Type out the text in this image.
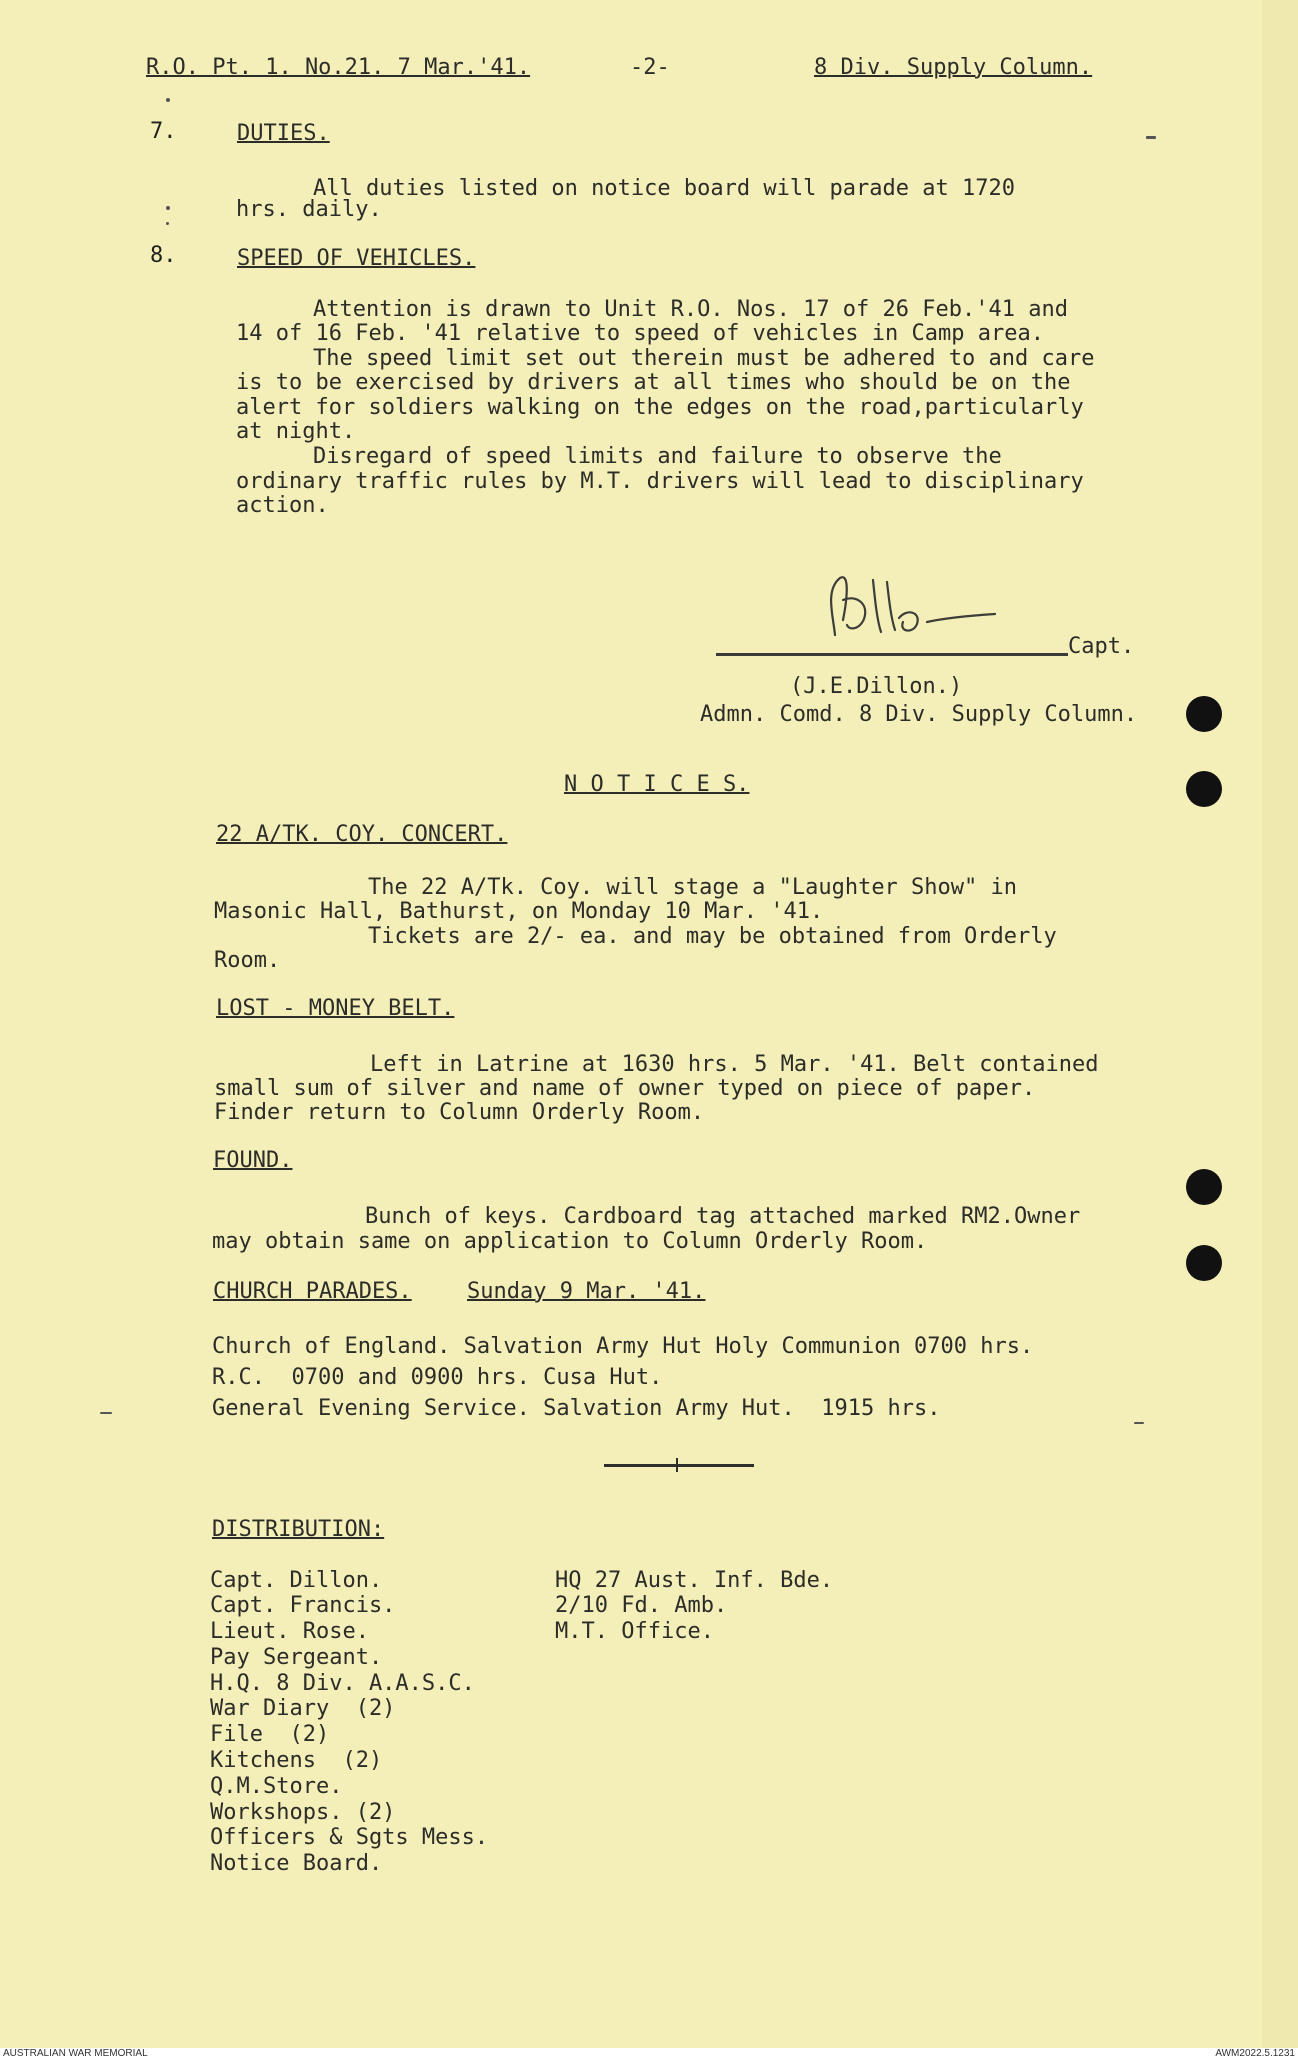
R.O. Pt. 1. No.21. 7 Mar.'41.	-2-	8 Div. Supply Column.
7.	DUTIES.
All duties listed on notice board will parade at 1720
hrs. daily.
8.	SPEED OF VEHICLES.
Attention is drawn to Unit R.O. Nos. 17 of 26 Feb.'41 and
14 of 16 Feb. '41 relative to speed of vehicles in Camp area.
The speed limit set out therein must be adhered to and care
is to be exercised by drivers at all times who should be on the
alert for soldiers walking on the edges on the road,particularly
at night.
Disregard of speed limits and failure to observe the
ordinary traffic rules by M.T. drivers will lead to disciplinary
action.
Capt.
(J.E.Dillon.)
Admn. Comd. 8 Div. Supply Column.
N O T I C E S.
22 A/TK. COY. CONCERT.
The 22 A/Tk. Coy. will stage a "Laughter Show" in
Masonic Hall, Bathurst, on Monday 10 Mar. '41.
Tickets are 2/- ea. and may be obtained from Orderly
Room.
LOST - MONEY BELT.
Left in Latrine at 1630 hrs. 5 Mar. '41. Belt contained
small sum of silver and name of owner typed on piece of paper.
Finder return to Column Orderly Room.
FOUND.
Bunch of keys. Cardboard tag attached marked RM2.Owner
may obtain same on application to Column Orderly Room.
CHURCH PARADES.	Sunday 9 Mar. '41.
Church of England. Salvation Army Hut Holy Communion 0700 hrs.
R.C.  0700 and 0900 hrs. Cusa Hut.
General Evening Service. Salvation Army Hut.  1915 hrs.
DISTRIBUTION:
Capt. Dillon.
Capt. Francis.
Lieut. Rose.
Pay Sergeant.
H.Q. 8 Div. A.A.S.C.
War Diary  (2)
File  (2)
Kitchens  (2)
Q.M.Store.
Workshops. (2)
Officers & Sgts Mess.
Notice Board.
HQ 27 Aust. Inf. Bde.
2/10 Fd. Amb.
M.T. Office.
AUSTRALIAN WAR MEMORIAL	AWM2022.5.1231
